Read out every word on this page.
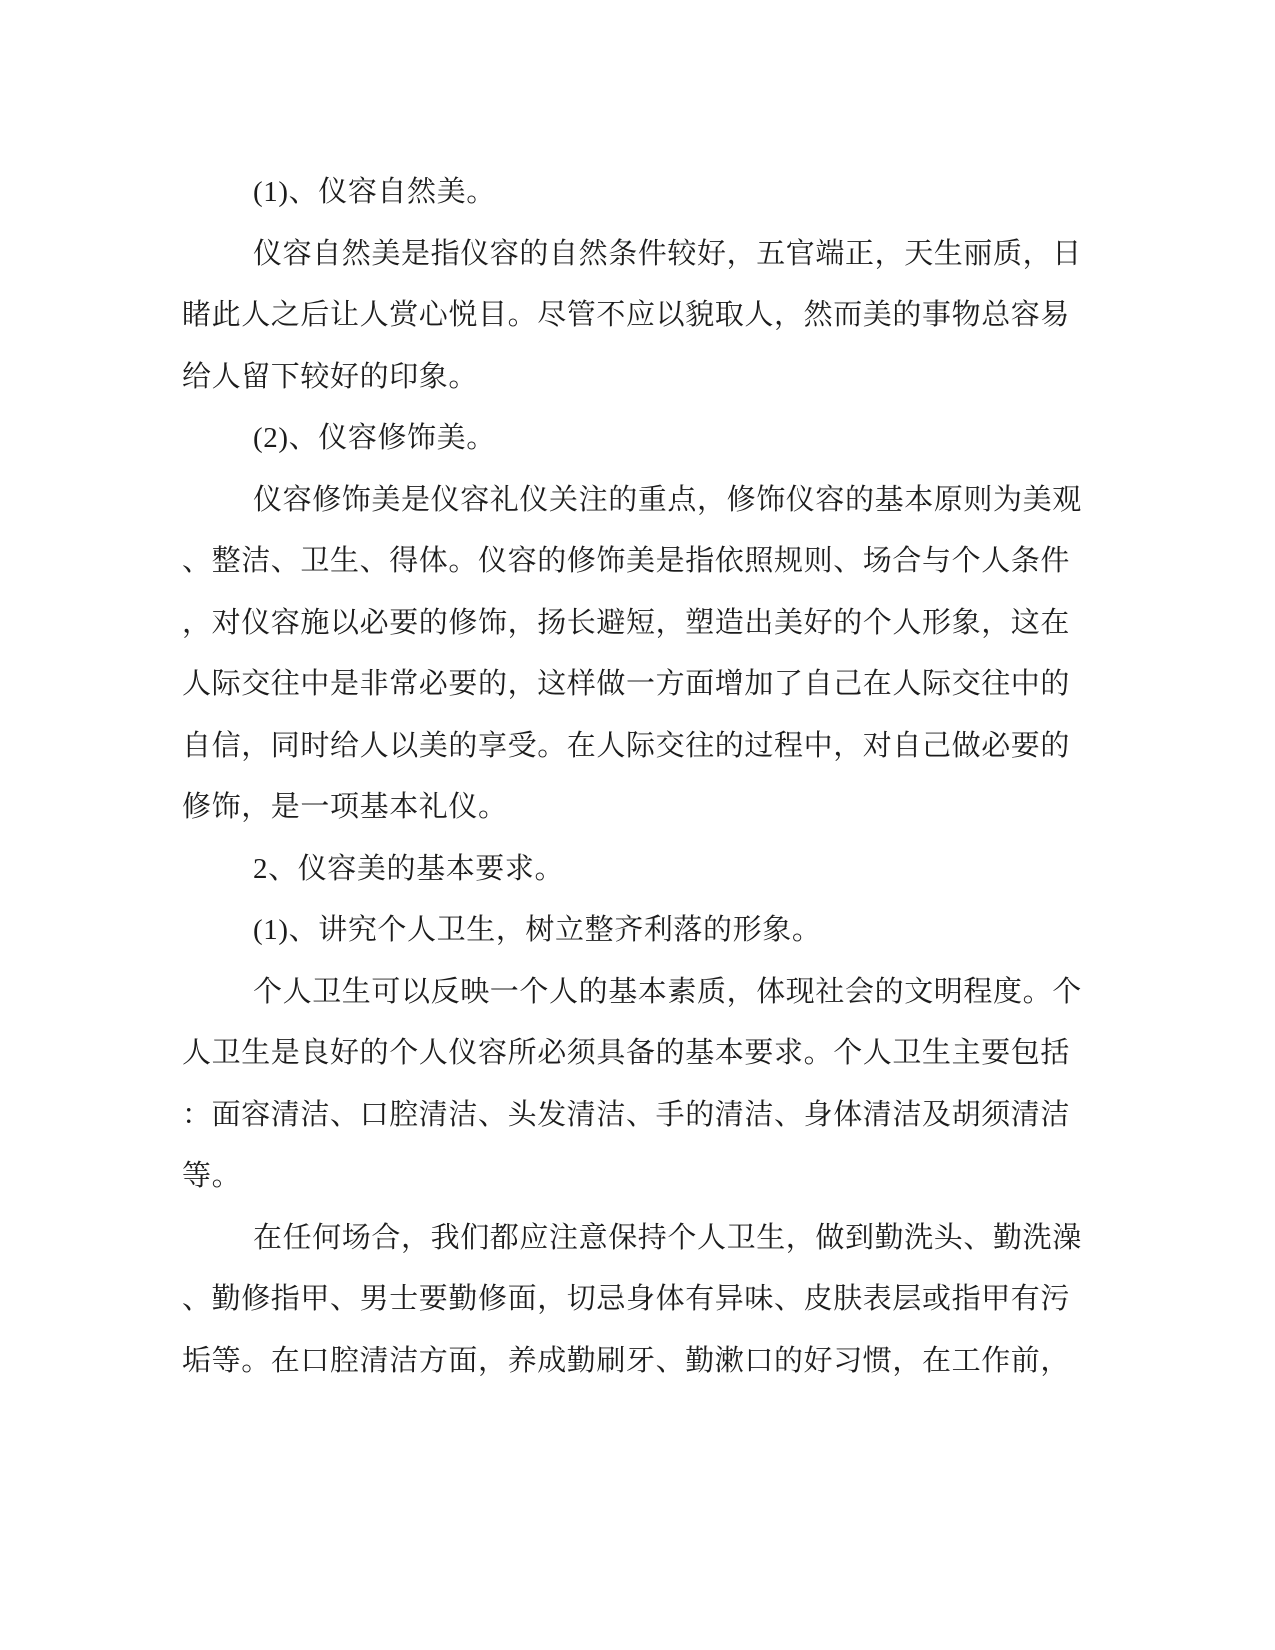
(1)、仪容自然美。
仪容自然美是指仪容的自然条件较好，五官端正，天生丽质，日
睹此人之后让人赏心悦目。尽管不应以貌取人，然而美的事物总容易
给人留下较好的印象。
(2)、仪容修饰美。
仪容修饰美是仪容礼仪关注的重点，修饰仪容的基本原则为美观
、整洁、卫生、得体。仪容的修饰美是指依照规则、场合与个人条件
，对仪容施以必要的修饰，扬长避短，塑造出美好的个人形象，这在
人际交往中是非常必要的，这样做一方面增加了自己在人际交往中的
自信，同时给人以美的享受。在人际交往的过程中，对自己做必要的
修饰，是一项基本礼仪。
2、仪容美的基本要求。
(1)、讲究个人卫生，树立整齐利落的形象。
个人卫生可以反映一个人的基本素质，体现社会的文明程度。个
人卫生是良好的个人仪容所必须具备的基本要求。个人卫生主要包括
：面容清洁、口腔清洁、头发清洁、手的清洁、身体清洁及胡须清洁
等。
在任何场合，我们都应注意保持个人卫生，做到勤洗头、勤洗澡
、勤修指甲、男士要勤修面，切忌身体有异味、皮肤表层或指甲有污
垢等。在口腔清洁方面，养成勤刷牙、勤漱口的好习惯，在工作前，
